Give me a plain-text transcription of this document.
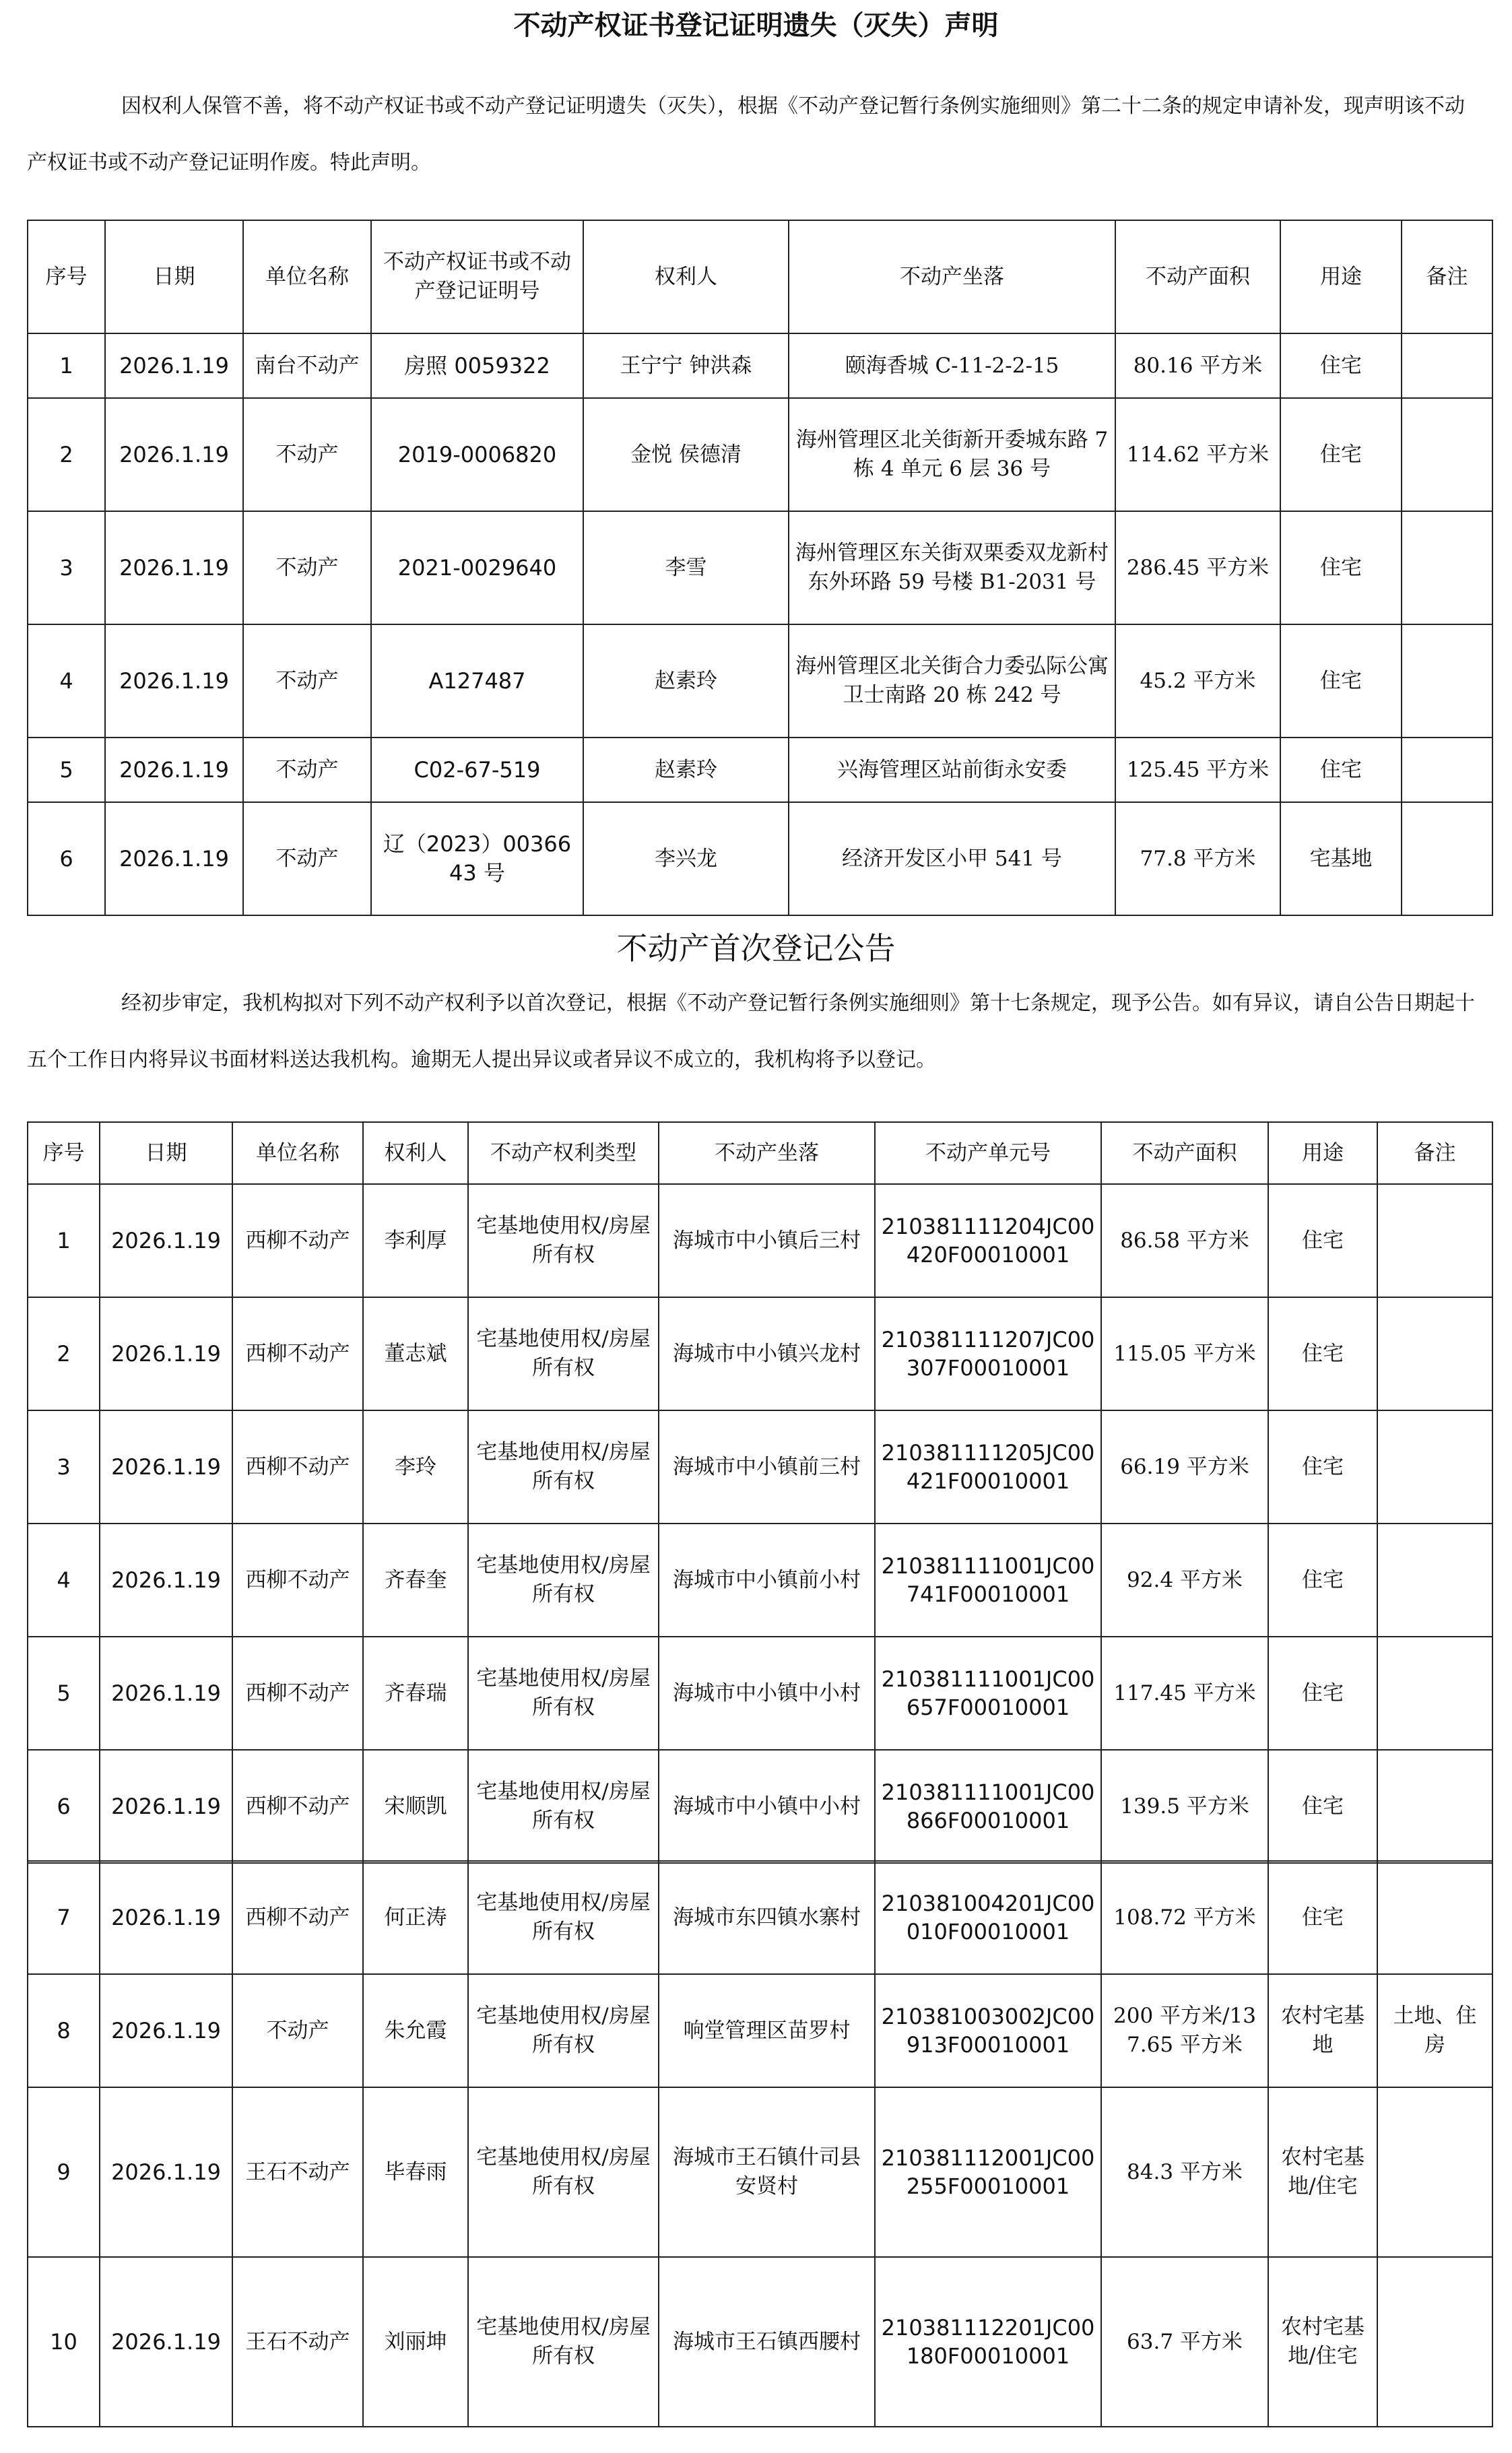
不动产权证书登记证明遗失（灭失）声明

因权利人保管不善，将不动产权证书或不动产登记证明遗失（灭失），根据《不动产登记暂行条例实施细则》第二十二条的规定申请补发，现声明该不动产权证书或不动产登记证明作废。特此声明。

序号	日期	单位名称	不动产权证书或不动产登记证明号	权利人	不动产坐落	不动产面积	用途	备注
1	2026.1.19	南台不动产	房照 0059322	王宁宁 钟洪森	颐海香城 C-11-2-2-15	80.16 平方米	住宅	
2	2026.1.19	不动产	2019-0006820	金悦 侯德清	海州管理区北关街新开委城东路 7 栋 4 单元 6 层 36 号	114.62 平方米	住宅	
3	2026.1.19	不动产	2021-0029640	李雪	海州管理区东关街双栗委双龙新村东外环路 59 号楼 B1-2031 号	286.45 平方米	住宅	
4	2026.1.19	不动产	A127487	赵素玲	海州管理区北关街合力委弘际公寓卫士南路 20 栋 242 号	45.2 平方米	住宅	
5	2026.1.19	不动产	C02-67-519	赵素玲	兴海管理区站前街永安委	125.45 平方米	住宅	
6	2026.1.19	不动产	辽（2023）0036643 号	李兴龙	经济开发区小甲 541 号	77.8 平方米	宅基地	
不动产首次登记公告

经初步审定，我机构拟对下列不动产权利予以首次登记，根据《不动产登记暂行条例实施细则》第十七条规定，现予公告。如有异议，请自公告日期起十五个工作日内将异议书面材料送达我机构。逾期无人提出异议或者异议不成立的，我机构将予以登记。

序号	日期	单位名称	权利人	不动产权利类型	不动产坐落	不动产单元号	不动产面积	用途	备注
1	2026.1.19	西柳不动产	李利厚	宅基地使用权/房屋所有权	海城市中小镇后三村	210381111204JC00420F00010001	86.58 平方米	住宅	
2	2026.1.19	西柳不动产	董志斌	宅基地使用权/房屋所有权	海城市中小镇兴龙村	210381111207JC00307F00010001	115.05 平方米	住宅	
3	2026.1.19	西柳不动产	李玲	宅基地使用权/房屋所有权	海城市中小镇前三村	210381111205JC00421F00010001	66.19 平方米	住宅	
4	2026.1.19	西柳不动产	齐春奎	宅基地使用权/房屋所有权	海城市中小镇前小村	210381111001JC00741F00010001	92.4 平方米	住宅	
5	2026.1.19	西柳不动产	齐春瑞	宅基地使用权/房屋所有权	海城市中小镇中小村	210381111001JC00657F00010001	117.45 平方米	住宅	
6	2026.1.19	西柳不动产	宋顺凯	宅基地使用权/房屋所有权	海城市中小镇中小村	210381111001JC00866F00010001	139.5 平方米	住宅	
7	2026.1.19	西柳不动产	何正涛	宅基地使用权/房屋所有权	海城市东四镇水寨村	210381004201JC00010F00010001	108.72 平方米	住宅	
8	2026.1.19	不动产	朱允霞	宅基地使用权/房屋所有权	响堂管理区苗罗村	210381003002JC00913F00010001	200 平方米/137.65 平方米	农村宅基地	土地、住房
9	2026.1.19	王石不动产	毕春雨	宅基地使用权/房屋所有权	海城市王石镇什司县安贤村	210381112001JC00255F00010001	84.3 平方米	农村宅基地/住宅	
10	2026.1.19	王石不动产	刘丽坤	宅基地使用权/房屋所有权	海城市王石镇西腰村	210381112201JC00180F00010001	63.7 平方米	农村宅基地/住宅	
